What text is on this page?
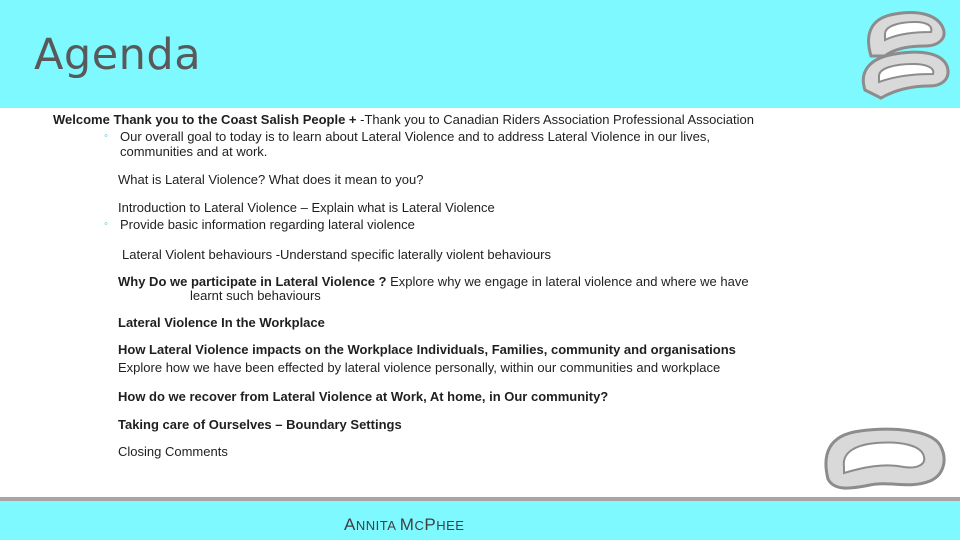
Agenda
Welcome Thank you to the Coast Salish People + -Thank you to Canadian Riders Association Professional Association
◦ Our overall goal to today is to learn about Lateral Violence and to address Lateral Violence in our lives,
communities and at work.
What is Lateral Violence? What does it mean to you?
Introduction to Lateral Violence – Explain what is Lateral Violence
◦ Provide basic information regarding lateral violence
Lateral Violent behaviours -Understand specific laterally violent behaviours
Why Do we participate in Lateral Violence ? Explore why we engage in lateral violence and where we have
learnt such behaviours
Lateral Violence In the Workplace
How Lateral Violence impacts on the Workplace Individuals, Families, community and organisations
Explore how we have been effected by lateral violence personally, within our communities and workplace
How do we recover from Lateral Violence at Work, At home, in Our community?
Taking care of Ourselves – Boundary Settings
Closing Comments
ANNITA MCPHEE
